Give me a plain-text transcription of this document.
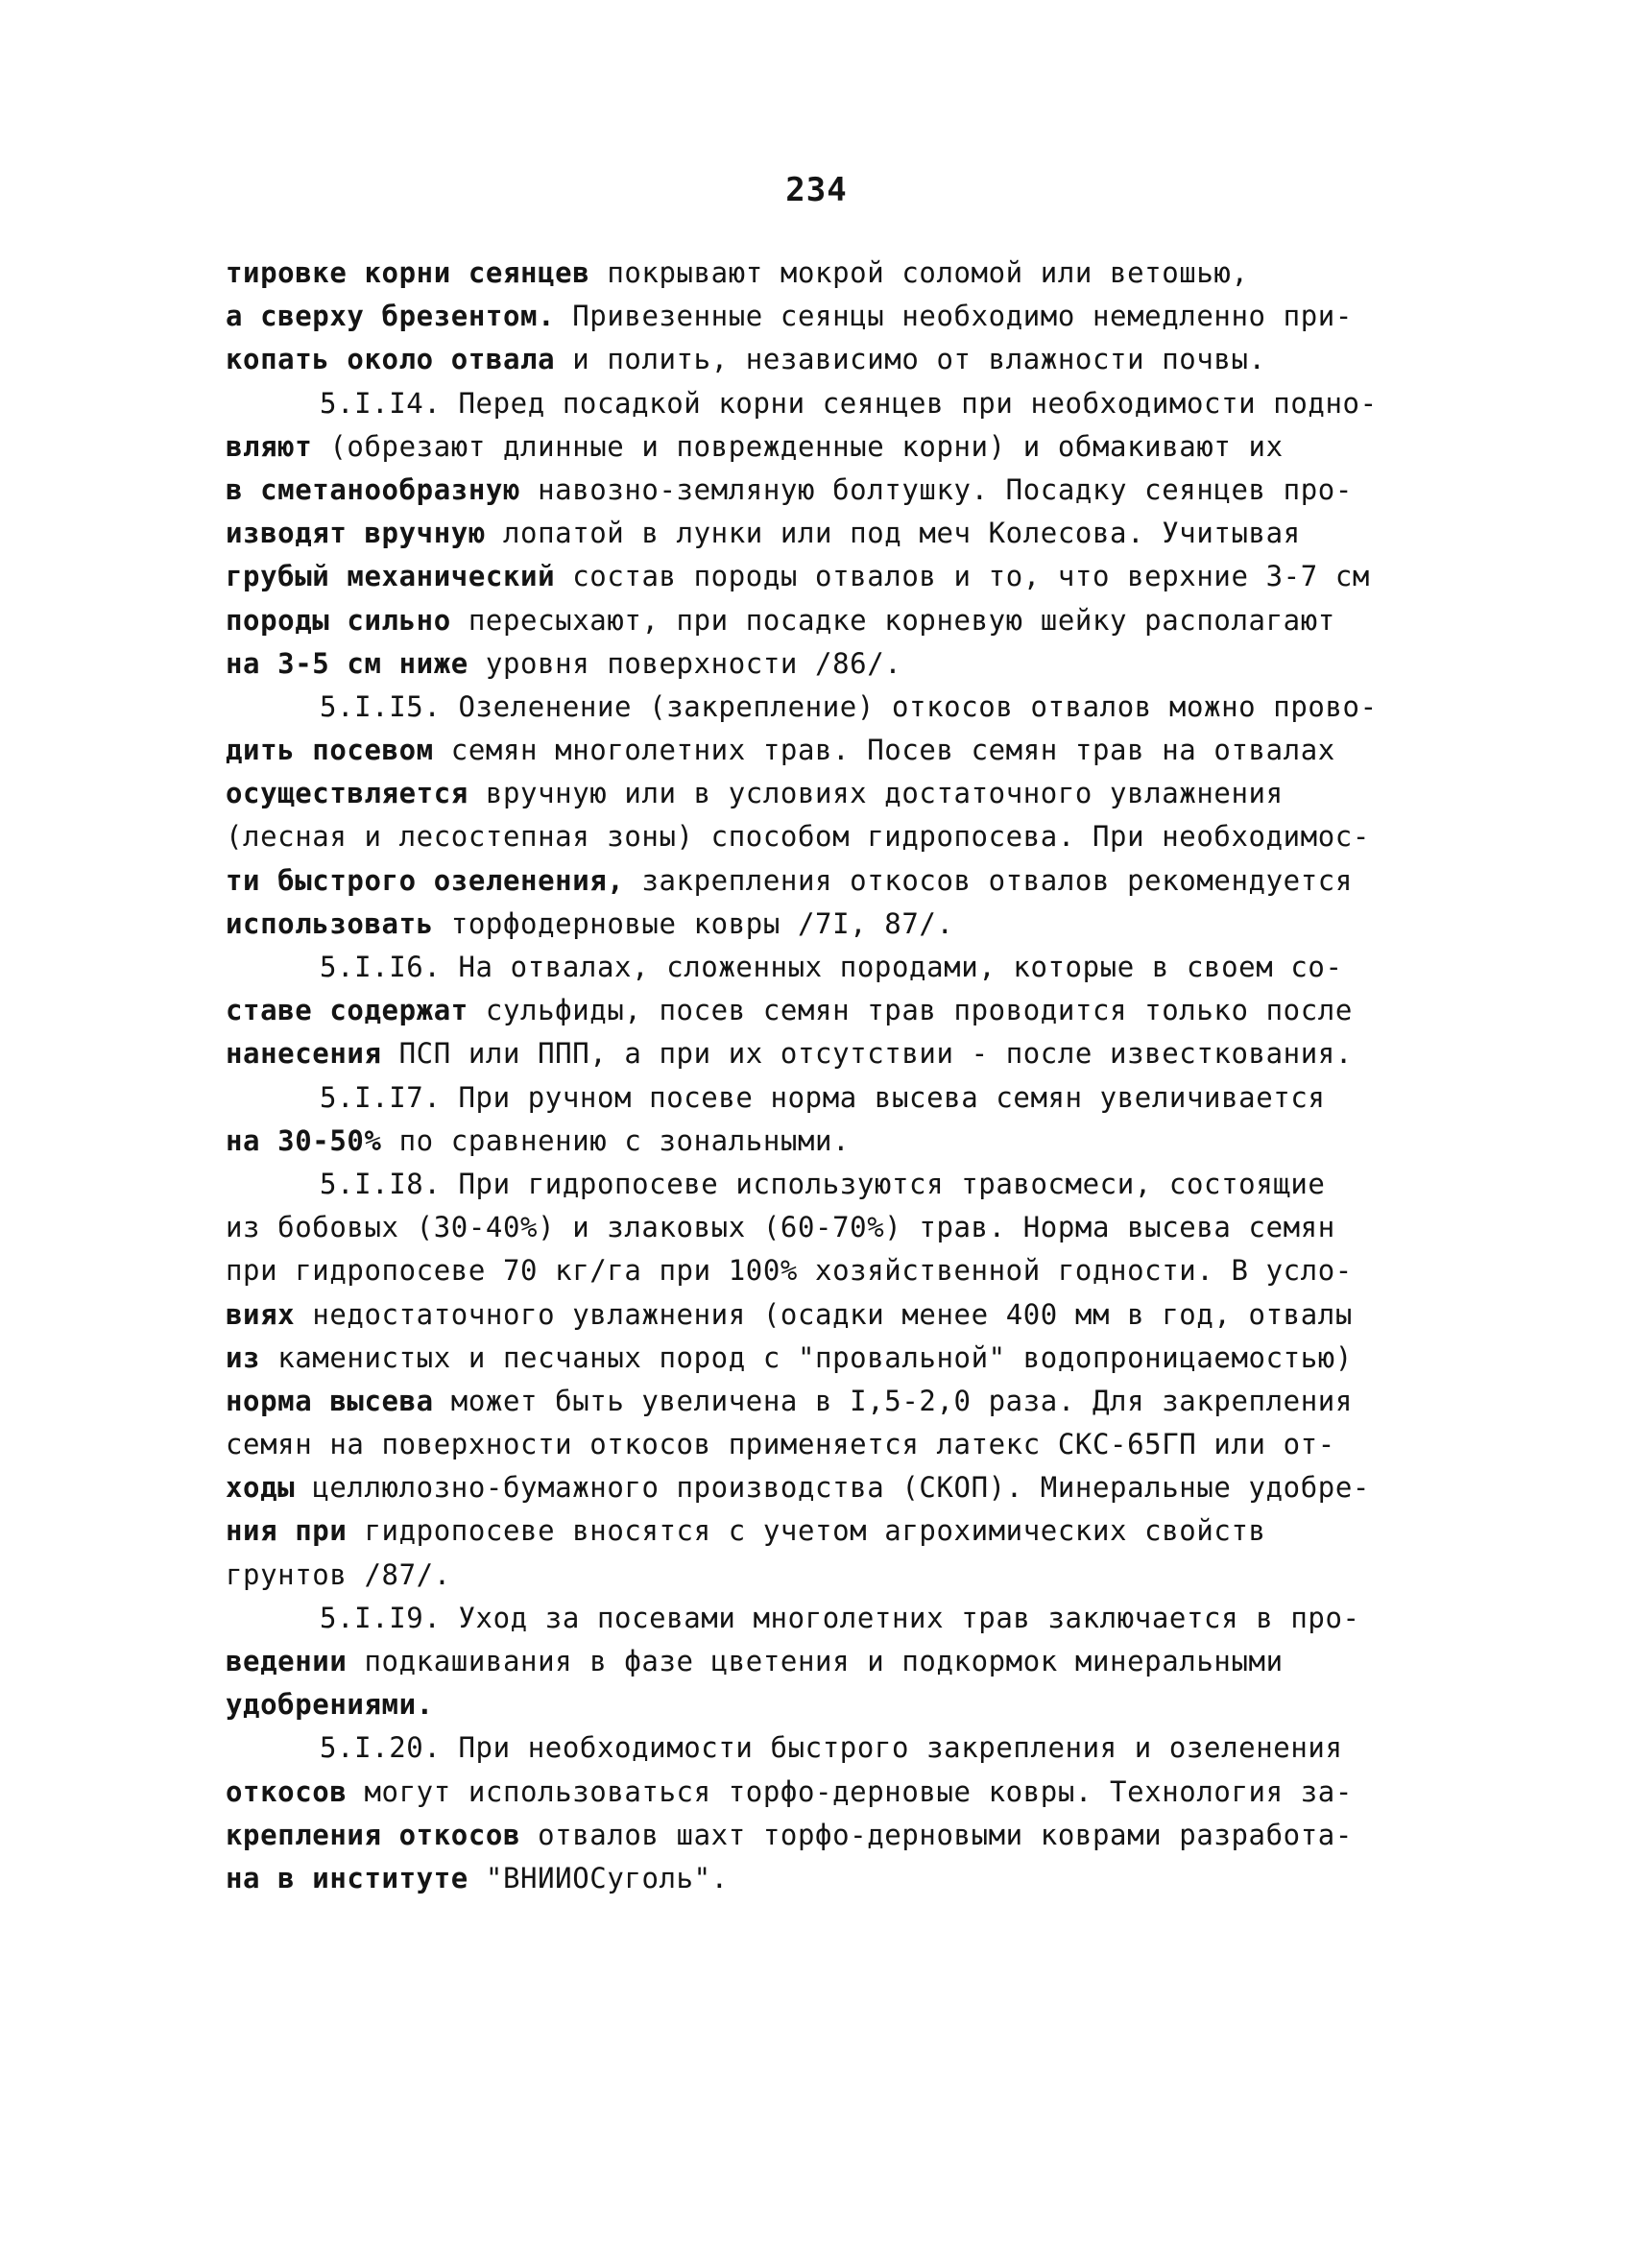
234
тировке корни сеянцев покрывают мокрой соломой или ветошью,
а сверху брезентом. Привезенные сеянцы необходимо немедленно при-
копать около отвала и полить, независимо от влажности почвы.
5.I.I4. Перед посадкой корни сеянцев при необходимости подно-
вляют (обрезают длинные и поврежденные корни) и обмакивают их
в сметанообразную навозно-земляную болтушку. Посадку сеянцев про-
изводят вручную лопатой в лунки или под меч Колесова. Учитывая
грубый механический состав породы отвалов и то, что верхние 3-7 см
породы сильно пересыхают, при посадке корневую шейку располагают
на 3-5 см ниже уровня поверхности /86/.
5.I.I5. Озеленение (закрепление) откосов отвалов можно прово-
дить посевом семян многолетних трав. Посев семян трав на отвалах
осуществляется вручную или в условиях достаточного увлажнения
(лесная и лесостепная зоны) способом гидропосева. При необходимос-
ти быстрого озеленения, закрепления откосов отвалов рекомендуется
использовать торфодерновые ковры /7I, 87/.
5.I.I6. На отвалах, сложенных породами, которые в своем со-
ставе содержат сульфиды, посев семян трав проводится только после
нанесения ПСП или ППП, а при их отсутствии - после известкования.
5.I.I7. При ручном посеве норма высева семян увеличивается
на 30-50% по сравнению с зональными.
5.I.I8. При гидропосеве используются травосмеси, состоящие
из бобовых (30-40%) и злаковых (60-70%) трав. Норма высева семян
при гидропосеве 70 кг/га при 100% хозяйственной годности. В усло-
виях недостаточного увлажнения (осадки менее 400 мм в год, отвалы
из каменистых и песчаных пород с "провальной" водопроницаемостью)
норма высева может быть увеличена в I,5-2,0 раза. Для закрепления
семян на поверхности откосов применяется латекс СКС-65ГП или от-
ходы целлюлозно-бумажного производства (СКОП). Минеральные удобре-
ния при гидропосеве вносятся с учетом агрохимических свойств
грунтов /87/.
5.I.I9. Уход за посевами многолетних трав заключается в про-
ведении подкашивания в фазе цветения и подкормок минеральными
удобрениями.
5.I.20. При необходимости быстрого закрепления и озеленения
откосов могут использоваться торфо-дерновые ковры. Технология за-
крепления откосов отвалов шахт торфо-дерновыми коврами разработа-
на в институте "ВНИИОСуголь".
